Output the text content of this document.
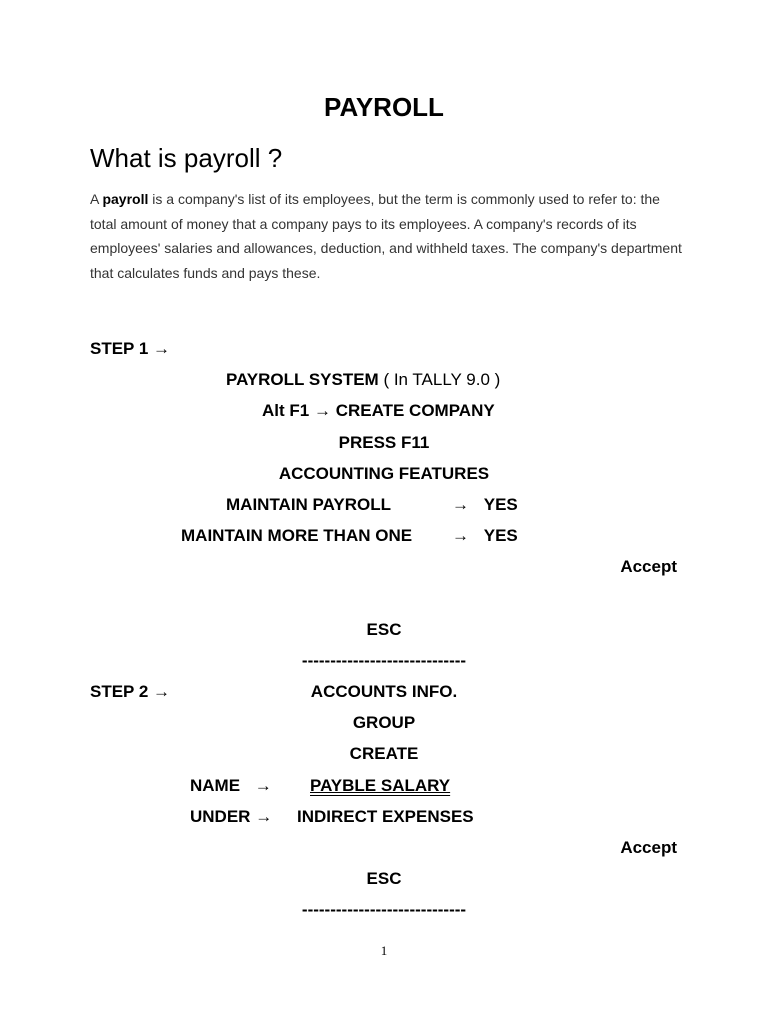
PAYROLL
What is payroll ?
A payroll is a company's list of its employees, but the term is commonly used to refer to: the total amount of money that a company pays to its employees. A company's records of its employees' salaries and allowances, deduction, and withheld taxes. The company's department that calculates funds and pays these.
STEP 1 →
PAYROLL SYSTEM ( In TALLY 9.0 )
Alt F1 → CREATE COMPANY
PRESS F11
ACCOUNTING FEATURES
MAINTAIN PAYROLL	→ YES
MAINTAIN MORE THAN ONE → YES
Accept
ESC
-----------------------------
STEP 2 →	ACCOUNTS INFO.
GROUP
CREATE
NAME → PAYBLE SALARY
UNDER → INDIRECT EXPENSES
Accept
ESC
-----------------------------
1
